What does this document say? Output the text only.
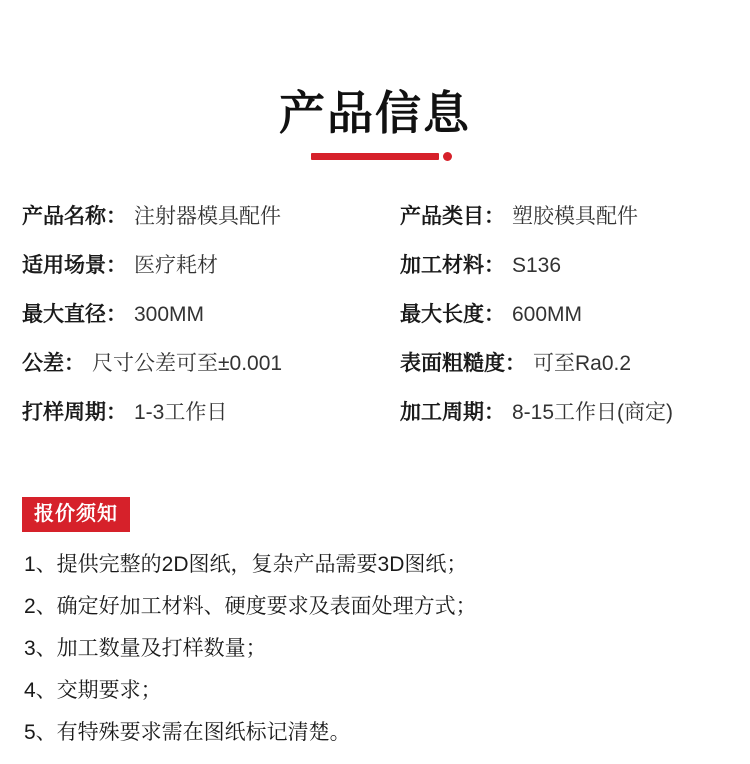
产品信息
产品名称： 注射器模具配件	产品类目： 塑胶模具配件
适用场景： 医疗耗材	加工材料： S136
最大直径： 300MM	最大长度： 600MM
公差： 尺寸公差可至±0.001	表面粗糙度： 可至Ra0.2
打样周期： 1-3工作日	加工周期： 8-15工作日(商定)
报价须知
1、提供完整的2D图纸，复杂产品需要3D图纸；
2、确定好加工材料、硬度要求及表面处理方式；
3、加工数量及打样数量；
4、交期要求；
5、有特殊要求需在图纸标记清楚。
